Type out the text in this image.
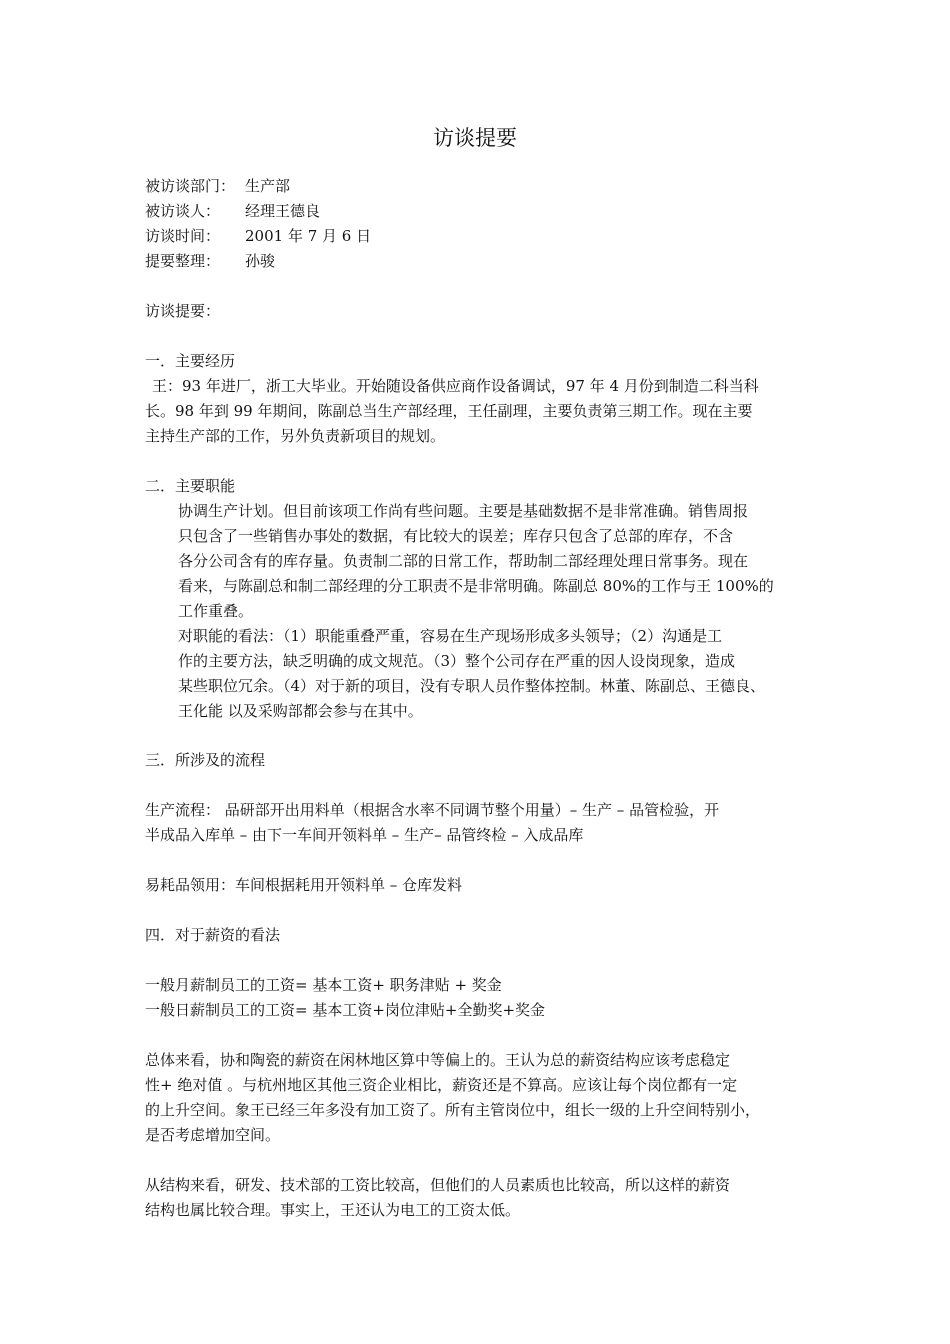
访谈提要
被访谈部门： 生产部
被访谈人： 经理王德良
访谈时间： 2001 年 7 月 6 日
提要整理： 孙骏
访谈提要：
一．主要经历
王：93 年进厂，浙工大毕业。开始随设备供应商作设备调试，97 年 4 月份到制造二科当科
长。98 年到 99 年期间，陈副总当生产部经理，王任副理，主要负责第三期工作。现在主要
主持生产部的工作，另外负责新项目的规划。
二．主要职能
协调生产计划。但目前该项工作尚有些问题。主要是基础数据不是非常准确。销售周报
只包含了一些销售办事处的数据，有比较大的误差；库存只包含了总部的库存，不含
各分公司含有的库存量。负责制二部的日常工作，帮助制二部经理处理日常事务。现在
看来，与陈副总和制二部经理的分工职责不是非常明确。陈副总 80%的工作与王 100%的
工作重叠。
对职能的看法：（1）职能重叠严重，容易在生产现场形成多头领导；（2）沟通是工
作的主要方法，缺乏明确的成文规范。（3）整个公司存在严重的因人设岗现象，造成
某些职位冗余。（4）对于新的项目，没有专职人员作整体控制。林董、陈副总、王德良、
王化能 以及采购部都会参与在其中。
三．所涉及的流程
生产流程： 品研部开出用料单（根据含水率不同调节整个用量）– 生产 – 品管检验，开
半成品入库单 – 由下一车间开领料单 – 生产– 品管终检 – 入成品库
易耗品领用：车间根据耗用开领料单 – 仓库发料
四．对于薪资的看法
一般月薪制员工的工资= 基本工资+ 职务津贴 + 奖金
一般日薪制员工的工资= 基本工资+岗位津贴+全勤奖+奖金
总体来看，协和陶瓷的薪资在闲林地区算中等偏上的。王认为总的薪资结构应该考虑稳定
性+ 绝对值 。与杭州地区其他三资企业相比，薪资还是不算高。应该让每个岗位都有一定
的上升空间。象王已经三年多没有加工资了。所有主管岗位中，组长一级的上升空间特别小，
是否考虑增加空间。
从结构来看，研发、技术部的工资比较高，但他们的人员素质也比较高，所以这样的薪资
结构也属比较合理。事实上，王还认为电工的工资太低。
